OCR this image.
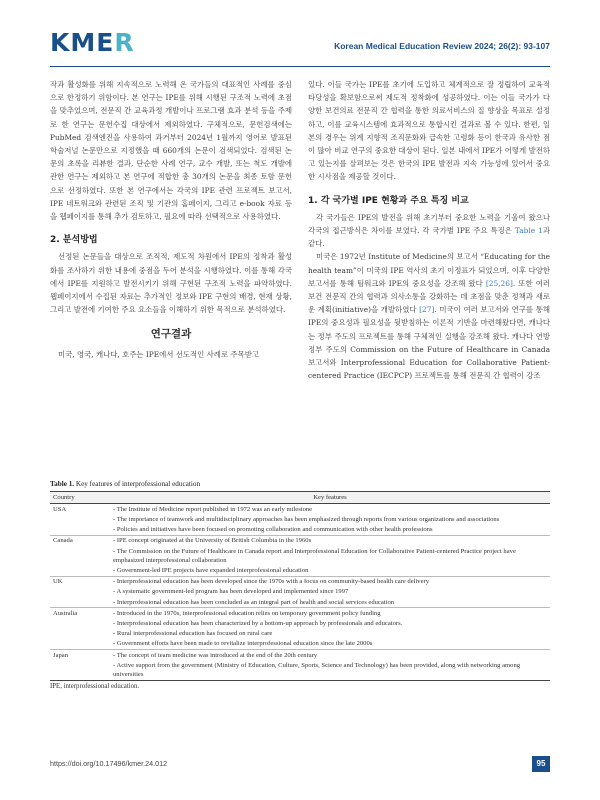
KMER	Korean Medical Education Review 2024; 26(2): 93-107

작과 활성화를 위해 지속적으로 노력해 온 국가들의 대표적인 사례를 중심으로 한정하기 위함이다. 본 연구는 IPE를 위해 시행된 구조적 노력에 초점을 맞추었으며, 전문직 간 교육과정 개발이나 프로그램 효과 분석 등을 주제로 한 연구는 문헌수집 대상에서 제외하였다. 구체적으로, 문헌검색에는 PubMed 검색엔진을 사용하여 과거부터 2024년 1월까지 영어로 발표된 학술저널 논문만으로 지정했을 때 660개의 논문이 검색되었다. 검색된 논문의 초록을 리뷰한 결과, 단순한 사례 연구, 교수 개발, 또는 척도 개발에 관한 연구는 제외하고 본 연구에 적합한 총 30개의 논문을 최종 토함 문헌으로 선정하였다. 또한 본 연구에서는 각국의 IPE 관련 프로젝트 보고서, IPE 네트워크와 관련된 조직 및 기관의 홈페이지, 그리고 e-book 자료 등을 웹페이지를 통해 추가 검토하고, 필요에 따라 선택적으로 사용하였다.

2. 분석방법

선정된 논문들을 대상으로 조직적, 제도적 차원에서 IPE의 정착과 활성화를 조사하기 위한 내용에 중점을 두어 분석을 시행하였다. 이를 통해 각국에서 IPE를 지원하고 발전시키기 위해 구현된 구조적 노력을 파악하였다. 웹페이지에서 수집된 자료는 추가적인 정보와 IPE 구현의 배경, 현재 상황, 그리고 발전에 기여한 주요 요소들을 이해하기 위한 목적으로 분석하였다.

연구결과

미국, 영국, 캐나다, 호주는 IPE에서 선도적인 사례로 주목받고

있다. 이들 국가는 IPE를 초기에 도입하고 체계적으로 잘 정립하여 교육적 타당성을 확보함으로써 제도적 정착화에 성공하였다. 이는 이들 국가가 다양한 보건의료 전문직 간 협력을 통한 의료서비스의 질 향상을 목표로 설정하고, 이를 교육시스템에 효과적으로 통합시킨 결과로 볼 수 있다. 한편, 일본의 경우는 위계 지향적 조직문화와 급속한 고령화 등이 한국과 유사한 점이 많아 비교 연구의 중요한 대상이 된다. 일본 내에서 IPE가 어떻게 발전하고 있는지를 살펴보는 것은 한국의 IPE 발전과 지속 가능성에 있어서 중요한 시사점을 제공할 것이다.

1. 각 국가별 IPE 현황과 주요 특징 비교

각 국가들은 IPE의 발전을 위해 초기부터 중요한 노력을 기울여 왔으나 각국의 접근방식은 차이를 보였다. 각 국가별 IPE 주요 특징은 Table 1과 같다.

미국은 1972년 Institute of Medicine의 보고서 “Educating for the health team”이 미국의 IPE 역사의 초기 이정표가 되었으며, 이후 다양한 보고서를 통해 팀워크와 IPE의 중요성을 강조해 왔다 [25,26]. 또한 여러 보건 전문직 간의 협력과 의사소통을 강화하는 데 초점을 맞춘 정책과 새로운 계획(initiative)을 개발하였다 [27]. 미국이 여러 보고서와 연구를 통해 IPE의 중요성과 필요성을 뒷받침하는 이론적 기반을 마련해왔다면, 캐나다는 정부 주도의 프로젝트를 통해 구체적인 실행을 강조해 왔다. 캐나다 연방 정부 주도의 Commission on the Future of Healthcare in Canada 보고서와 Interprofessional Education for Collaborative Patient-centered Practice (IECPCP) 프로젝트를 통해 전문직 간 협력이 강조

Table 1. Key features of interprofessional education
Country	Key features
USA	- The Institute of Medicine report published in 1972 was an early milestone
	- The importance of teamwork and multidisciplinary approaches has been emphasized through reports from various organizations and associations
	- Policies and initiatives have been focused on promoting collaboration and communication with other health professions
Canada	- IPE concept originated at the University of British Columbia in the 1960s
	- The Commission on the Future of Healthcare in Canada report and Interprofessional Education for Collaborative Patient-centered Practice project have emphasized interprofessional collaboration
	- Government-led IPE projects have expanded interprofessional education
UK	- Interprofessional education has been developed since the 1970s with a focus on community-based health care delivery
	- A systematic government-led program has been developed and implemented since 1997
	- Interprofessional education has been concluded as an integral part of health and social services education
Australia	- Introduced in the 1970s, interprofessional education relies on temporary government policy funding
	- Interprofessional education has been characterized by a bottom-up approach by professionals and educators.
	- Rural interprofessional education has focused on rural care
	- Government efforts have been made to revitalize interprofessional education since the late 2000s
Japan	- The concept of team medicine was introduced at the end of the 20th century
	- Active support from the government (Ministry of Education, Culture, Sports, Science and Technology) has been provided, along with networking among universities
IPE, interprofessional education.
https://doi.org/10.17496/kmer.24.012	95
